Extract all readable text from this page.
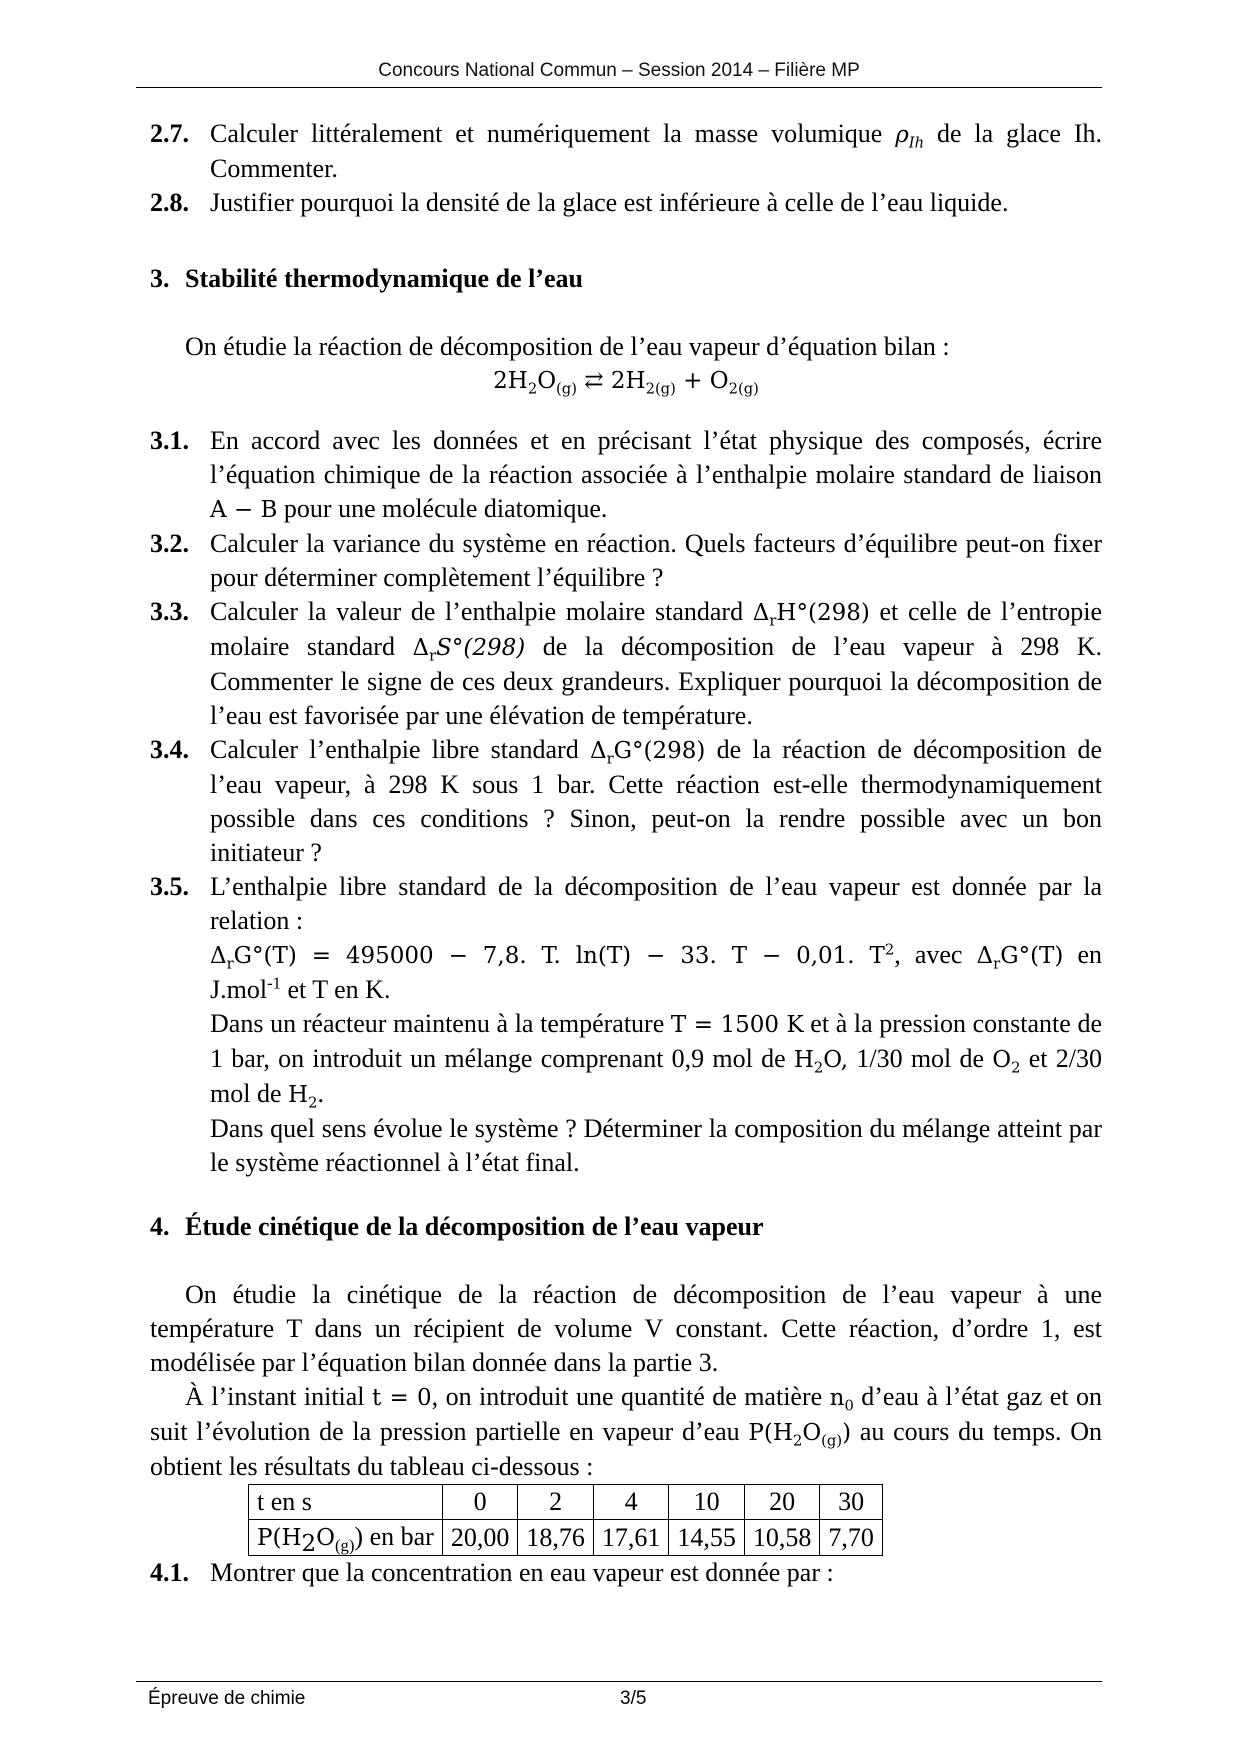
Concours National Commun – Session 2014 – Filière MP
2.7. Calculer littéralement et numériquement la masse volumique $\rho_{Ih}$ de la glace Ih. Commenter.
2.8. Justifier pourquoi la densité de la glace est inférieure à celle de l’eau liquide.
3. Stabilité thermodynamique de l’eau
On étudie la réaction de décomposition de l’eau vapeur d’équation bilan :
$2H_2O_{(g)}$ ⇄ $2H_{2(g)} + O_{2(g)}$
3.1. En accord avec les données et en précisant l’état physique des composés, écrire l’équation chimique de la réaction associée à l’enthalpie molaire standard de liaison A − B pour une molécule diatomique.
3.2. Calculer la variance du système en réaction. Quels facteurs d’équilibre peut-on fixer pour déterminer complètement l’équilibre ?
3.3. Calculer la valeur de l’enthalpie molaire standard $\Delta_rH^\circ(298)$ et celle de l’entropie molaire standard $\Delta_rS^\circ(298)$ de la décomposition de l’eau vapeur à 298 K. Commenter le signe de ces deux grandeurs. Expliquer pourquoi la décomposition de l’eau est favorisée par une élévation de température.
3.4. Calculer l’enthalpie libre standard $\Delta_rG^\circ(298)$ de la réaction de décomposition de l’eau vapeur, à 298 K sous 1 bar. Cette réaction est-elle thermodynamiquement possible dans ces conditions ? Sinon, peut-on la rendre possible avec un bon initiateur ?
3.5. L’enthalpie libre standard de la décomposition de l’eau vapeur est donnée par la relation :
$\Delta_rG^\circ(T) = 495000 - 7,8$. T. ln(T) − 33. T − 0,01. $T^2$, avec $\Delta_rG^\circ(T)$ en
J.mol$^{-1}$ et T en K.
Dans un réacteur maintenu à la température T = 1500 K et à la pression constante de 1 bar, on introduit un mélange comprenant 0,9 mol de $H_2O$, 1/30 mol de $O_2$ et 2/30 mol de $H_2$.
Dans quel sens évolue le système ? Déterminer la composition du mélange atteint par le système réactionnel à l’état final.
4. Étude cinétique de la décomposition de l’eau vapeur
On étudie la cinétique de la réaction de décomposition de l’eau vapeur à une température T dans un récipient de volume V constant. Cette réaction, d’ordre 1, est modélisée par l’équation bilan donnée dans la partie 3.
À l’instant initial t = 0, on introduit une quantité de matière $n_0$ d’eau à l’état gaz et on suit l’évolution de la pression partielle en vapeur d’eau $P(H_2O_{(g)})$ au cours du temps. On obtient les résultats du tableau ci-dessous :
t en s	0	2	4	10	20	30
$P(H_2O_{(g)})$ en bar	20,00	18,76	17,61	14,55	10,58	7,70
4.1. Montrer que la concentration en eau vapeur est donnée par :
Épreuve de chimie	3/5
